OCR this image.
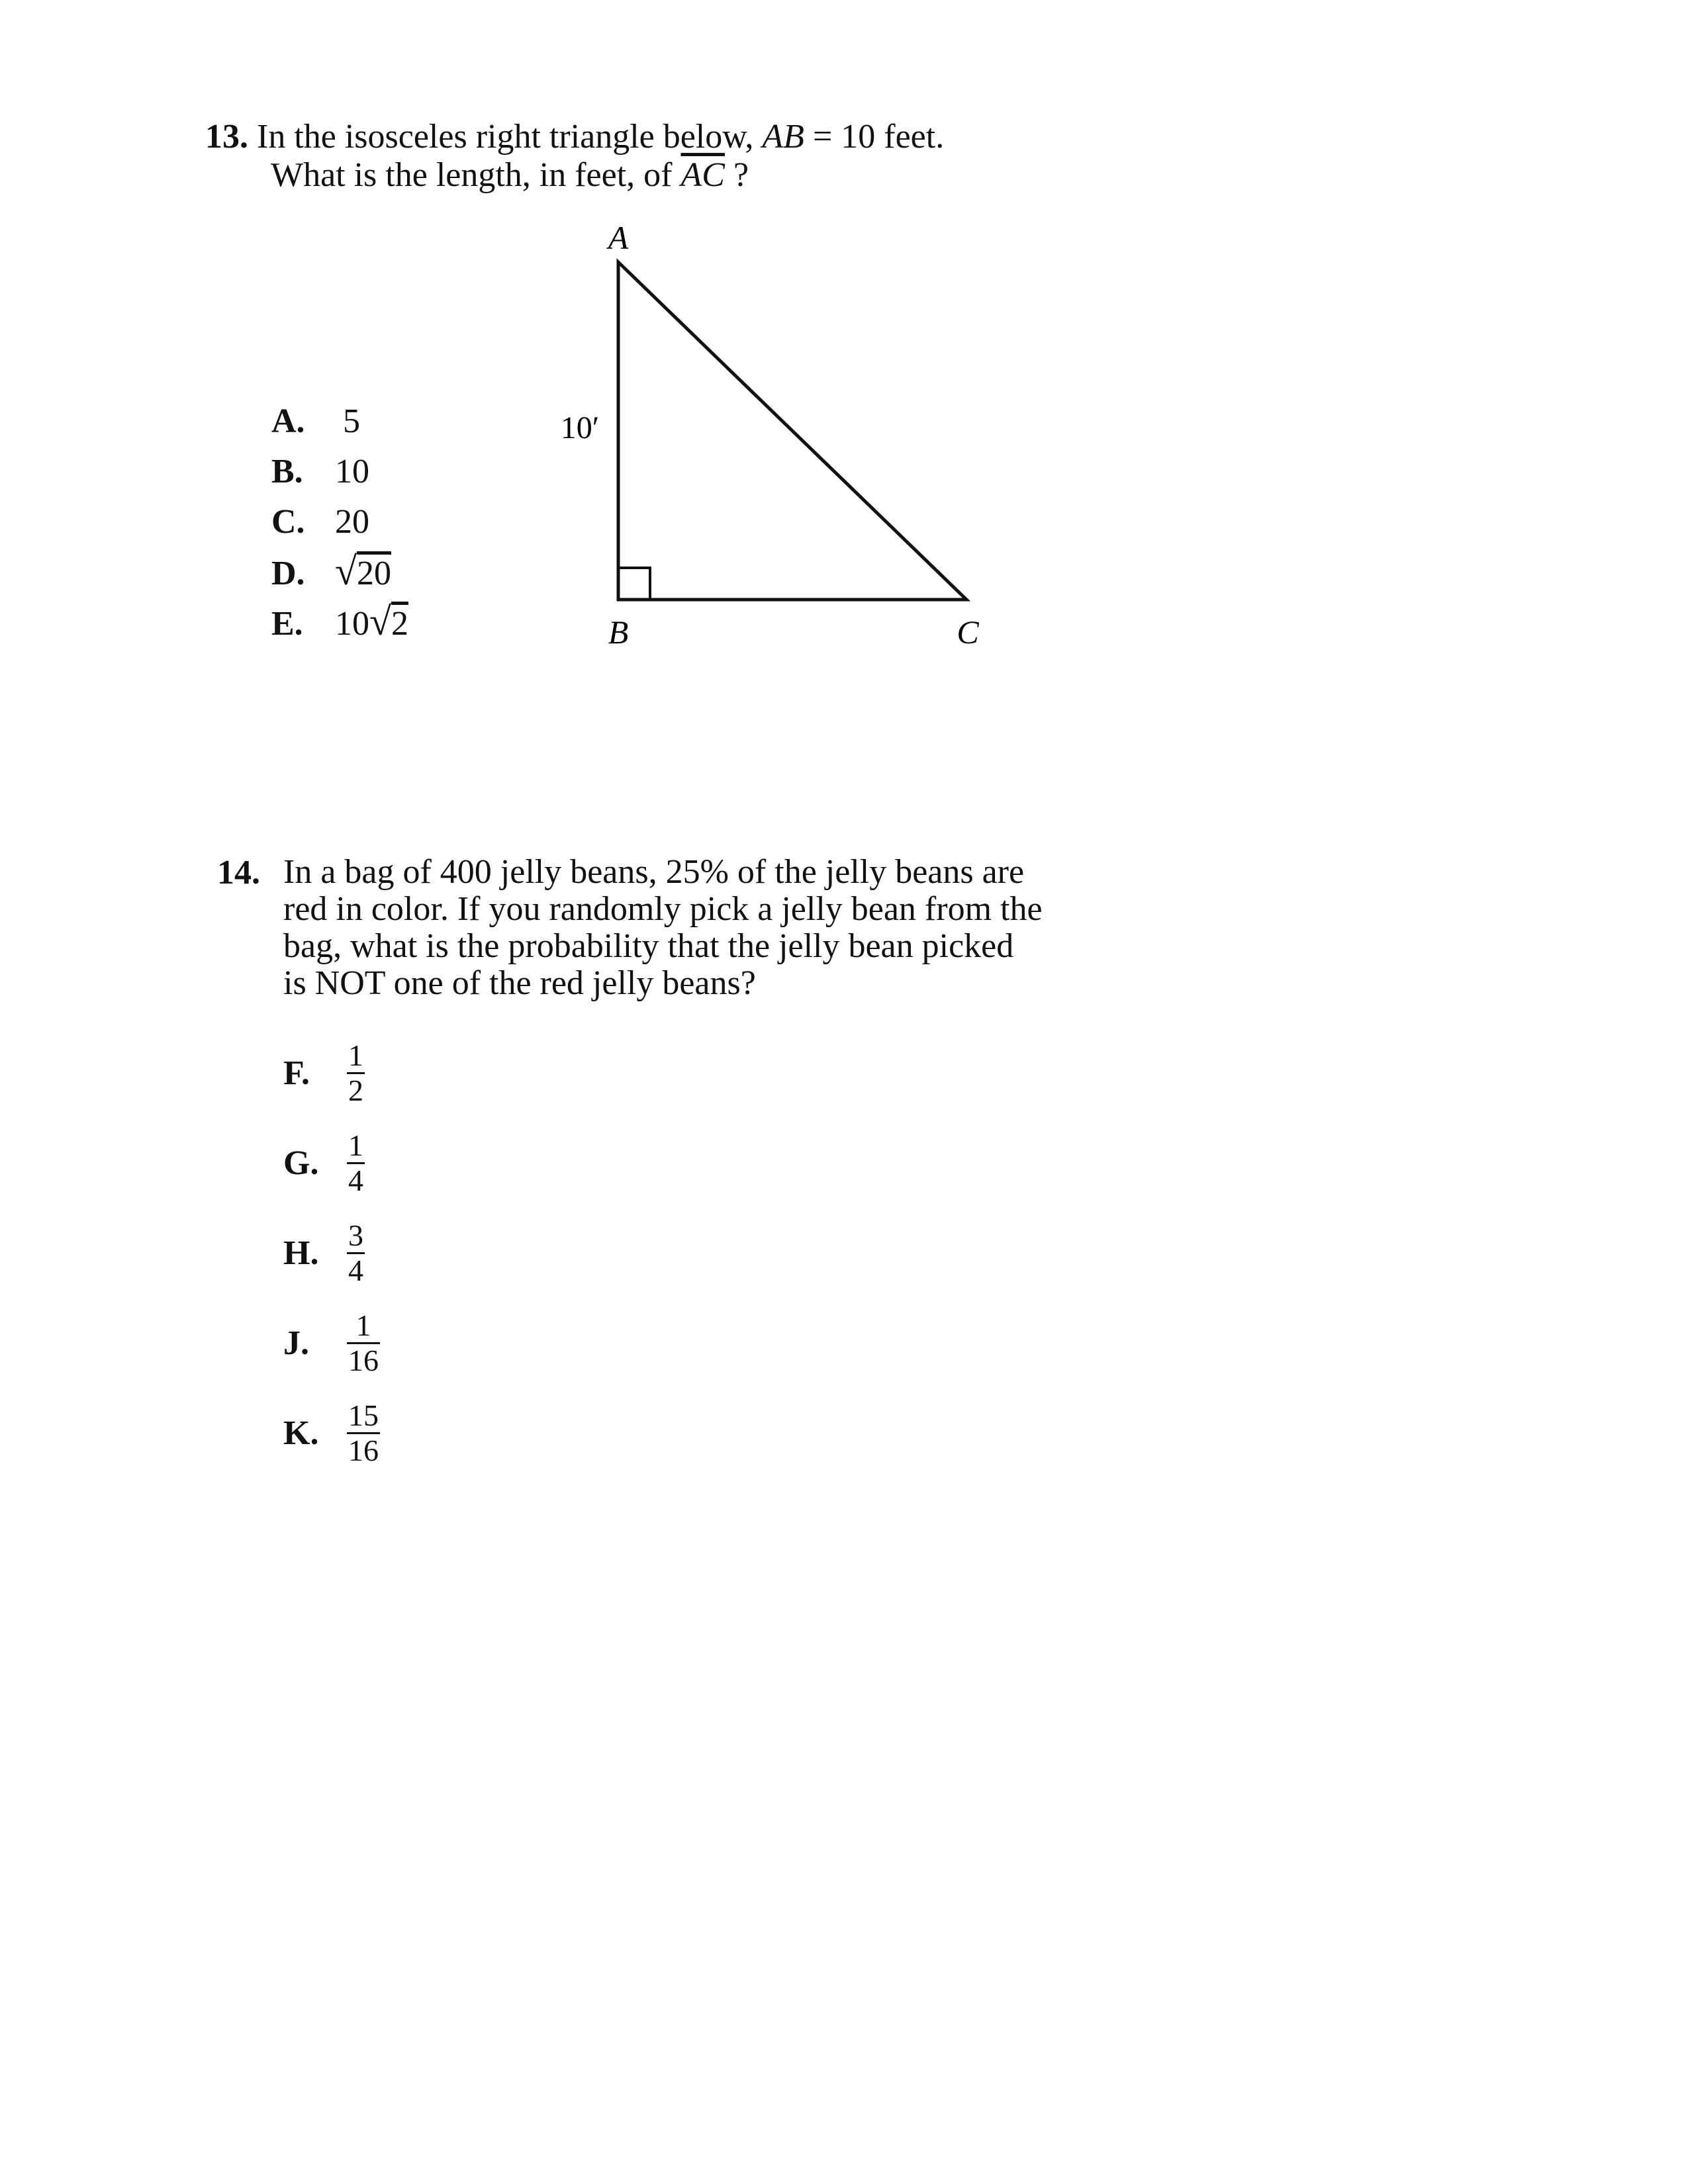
13. In the isosceles right triangle below, AB = 10 feet.
What is the length, in feet, of $\overline{AC}$ ?
A
B	C
10′
A. 5
B. 10
C. 20
D. √20
E. 10√2
14. In a bag of 400 jelly beans, 25% of the jelly beans are
red in color. If you randomly pick a jelly bean from the
bag, what is the probability that the jelly bean picked
is NOT one of the red jelly beans?
F. $\frac{1}{2}$
G. $\frac{1}{4}$
H. $\frac{3}{4}$
J. $\frac{1}{16}$
K. $\frac{15}{16}$
